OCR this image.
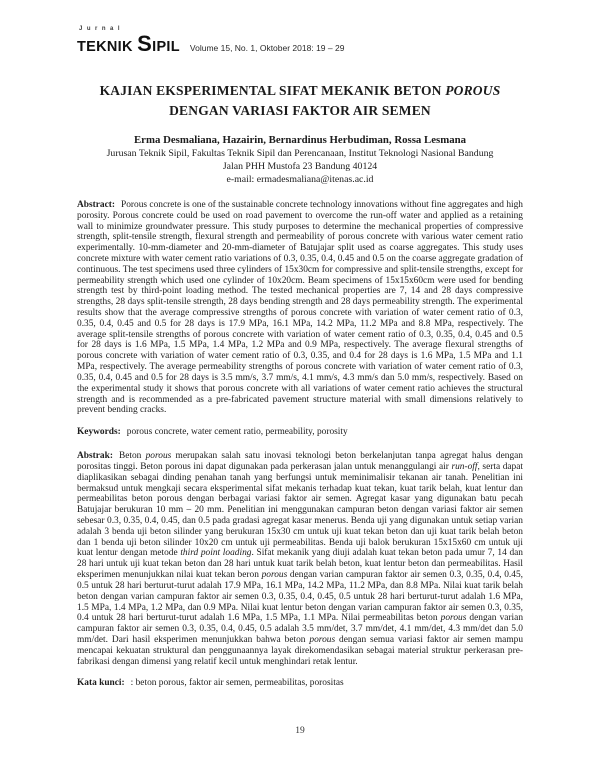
Jurnal
TEKNIK SIPIL Volume 15, No. 1, Oktober 2018: 19 – 29
KAJIAN EKSPERIMENTAL SIFAT MEKANIK BETON POROUS
DENGAN VARIASI FAKTOR AIR SEMEN
Erma Desmaliana, Hazairin, Bernardinus Herbudiman, Rossa Lesmana
Jurusan Teknik Sipil, Fakultas Teknik Sipil dan Perencanaan, Institut Teknologi Nasional Bandung
Jalan PHH Mustofa 23 Bandung 40124
e-mail: ermadesmaliana@itenas.ac.id
Abstract: Porous concrete is one of the sustainable concrete technology innovations without fine aggregates and high porosity. Porous concrete could be used on road pavement to overcome the run-off water and applied as a retaining wall to minimize groundwater pressure. This study purposes to determine the mechanical properties of compressive strength, split-tensile strength, flexural strength and permeability of porous concrete with various water cement ratio experimentally. 10-mm-diameter and 20-mm-diameter of Batujajar split used as coarse aggregates. This study uses concrete mixture with water cement ratio variations of 0.3, 0.35, 0.4, 0.45 and 0.5 on the coarse aggregate gradation of continuous. The test specimens used three cylinders of 15x30cm for compressive and split-tensile strengths, except for permeability strength which used one cylinder of 10x20cm. Beam specimens of 15x15x60cm were used for bending strength test by third-point loading method. The tested mechanical properties are 7, 14 and 28 days compressive strengths, 28 days split-tensile strength, 28 days bending strength and 28 days permeability strength. The experimental results show that the average compressive strengths of porous concrete with variation of water cement ratio of 0.3, 0.35, 0.4, 0.45 and 0.5 for 28 days is 17.9 MPa, 16.1 MPa, 14.2 MPa, 11.2 MPa and 8.8 MPa, respectively. The average split-tensile strengths of porous concrete with variation of water cement ratio of 0.3, 0.35, 0.4, 0.45 and 0.5 for 28 days is 1.6 MPa, 1.5 MPa, 1.4 MPa, 1.2 MPa and 0.9 MPa, respectively. The average flexural strengths of porous concrete with variation of water cement ratio of 0.3, 0.35, and 0.4 for 28 days is 1.6 MPa, 1.5 MPa and 1.1 MPa, respectively. The average permeability strengths of porous concrete with variation of water cement ratio of 0.3, 0.35, 0.4, 0.45 and 0.5 for 28 days is 3.5 mm/s, 3.7 mm/s, 4.1 mm/s, 4.3 mm/s dan 5.0 mm/s, respectively. Based on the experimental study it shows that porous concrete with all variations of water cement ratio achieves the structural strength and is recommended as a pre-fabricated pavement structure material with small dimensions relatively to prevent bending cracks.
Keywords: porous concrete, water cement ratio, permeability, porosity
Abstrak: Beton porous merupakan salah satu inovasi teknologi beton berkelanjutan tanpa agregat halus dengan porositas tinggi. Beton porous ini dapat digunakan pada perkerasan jalan untuk menanggulangi air run-off, serta dapat diaplikasikan sebagai dinding penahan tanah yang berfungsi untuk meminimalisir tekanan air tanah. Penelitian ini bermaksud untuk mengkaji secara eksperimental sifat mekanis terhadap kuat tekan, kuat tarik belah, kuat lentur dan permeabilitas beton porous dengan berbagai variasi faktor air semen. Agregat kasar yang digunakan batu pecah Batujajar berukuran 10 mm – 20 mm. Penelitian ini menggunakan campuran beton dengan variasi faktor air semen sebesar 0.3, 0.35, 0.4, 0.45, dan 0.5 pada gradasi agregat kasar menerus. Benda uji yang digunakan untuk setiap varian adalah 3 benda uji beton silinder yang berukuran 15x30 cm untuk uji kuat tekan beton dan uji kuat tarik belah beton dan 1 benda uji beton silinder 10x20 cm untuk uji permeabilitas. Benda uji balok berukuran 15x15x60 cm untuk uji kuat lentur dengan metode third point loading. Sifat mekanik yang diuji adalah kuat tekan beton pada umur 7, 14 dan 28 hari untuk uji kuat tekan beton dan 28 hari untuk kuat tarik belah beton, kuat lentur beton dan permeabilitas. Hasil eksperimen menunjukkan nilai kuat tekan beron porous dengan varian campuran faktor air semen 0.3, 0.35, 0.4, 0.45, 0.5 untuk 28 hari berturut-turut adalah 17.9 MPa, 16.1 MPa, 14.2 MPa, 11.2 MPa, dan 8.8 MPa. Nilai kuat tarik belah beton dengan varian campuran faktor air semen 0.3, 0.35, 0.4, 0.45, 0.5 untuk 28 hari berturut-turut adalah 1.6 MPa, 1.5 MPa, 1.4 MPa, 1.2 MPa, dan 0.9 MPa. Nilai kuat lentur beton dengan varian campuran faktor air semen 0.3, 0.35, 0.4 untuk 28 hari berturut-turut adalah 1.6 MPa, 1.5 MPa, 1.1 MPa. Nilai permeabilitas beton porous dengan varian campuran faktor air semen 0.3, 0.35, 0.4, 0.45, 0.5 adalah 3.5 mm/det, 3.7 mm/det, 4.1 mm/det, 4.3 mm/det dan 5.0 mm/det. Dari hasil eksperimen menunjukkan bahwa beton porous dengan semua variasi faktor air semen mampu mencapai kekuatan struktural dan penggunaannya layak direkomendasikan sebagai material struktur perkerasan pre-fabrikasi dengan dimensi yang relatif kecil untuk menghindari retak lentur.
Kata kunci: : beton porous, faktor air semen, permeabilitas, porositas
19
